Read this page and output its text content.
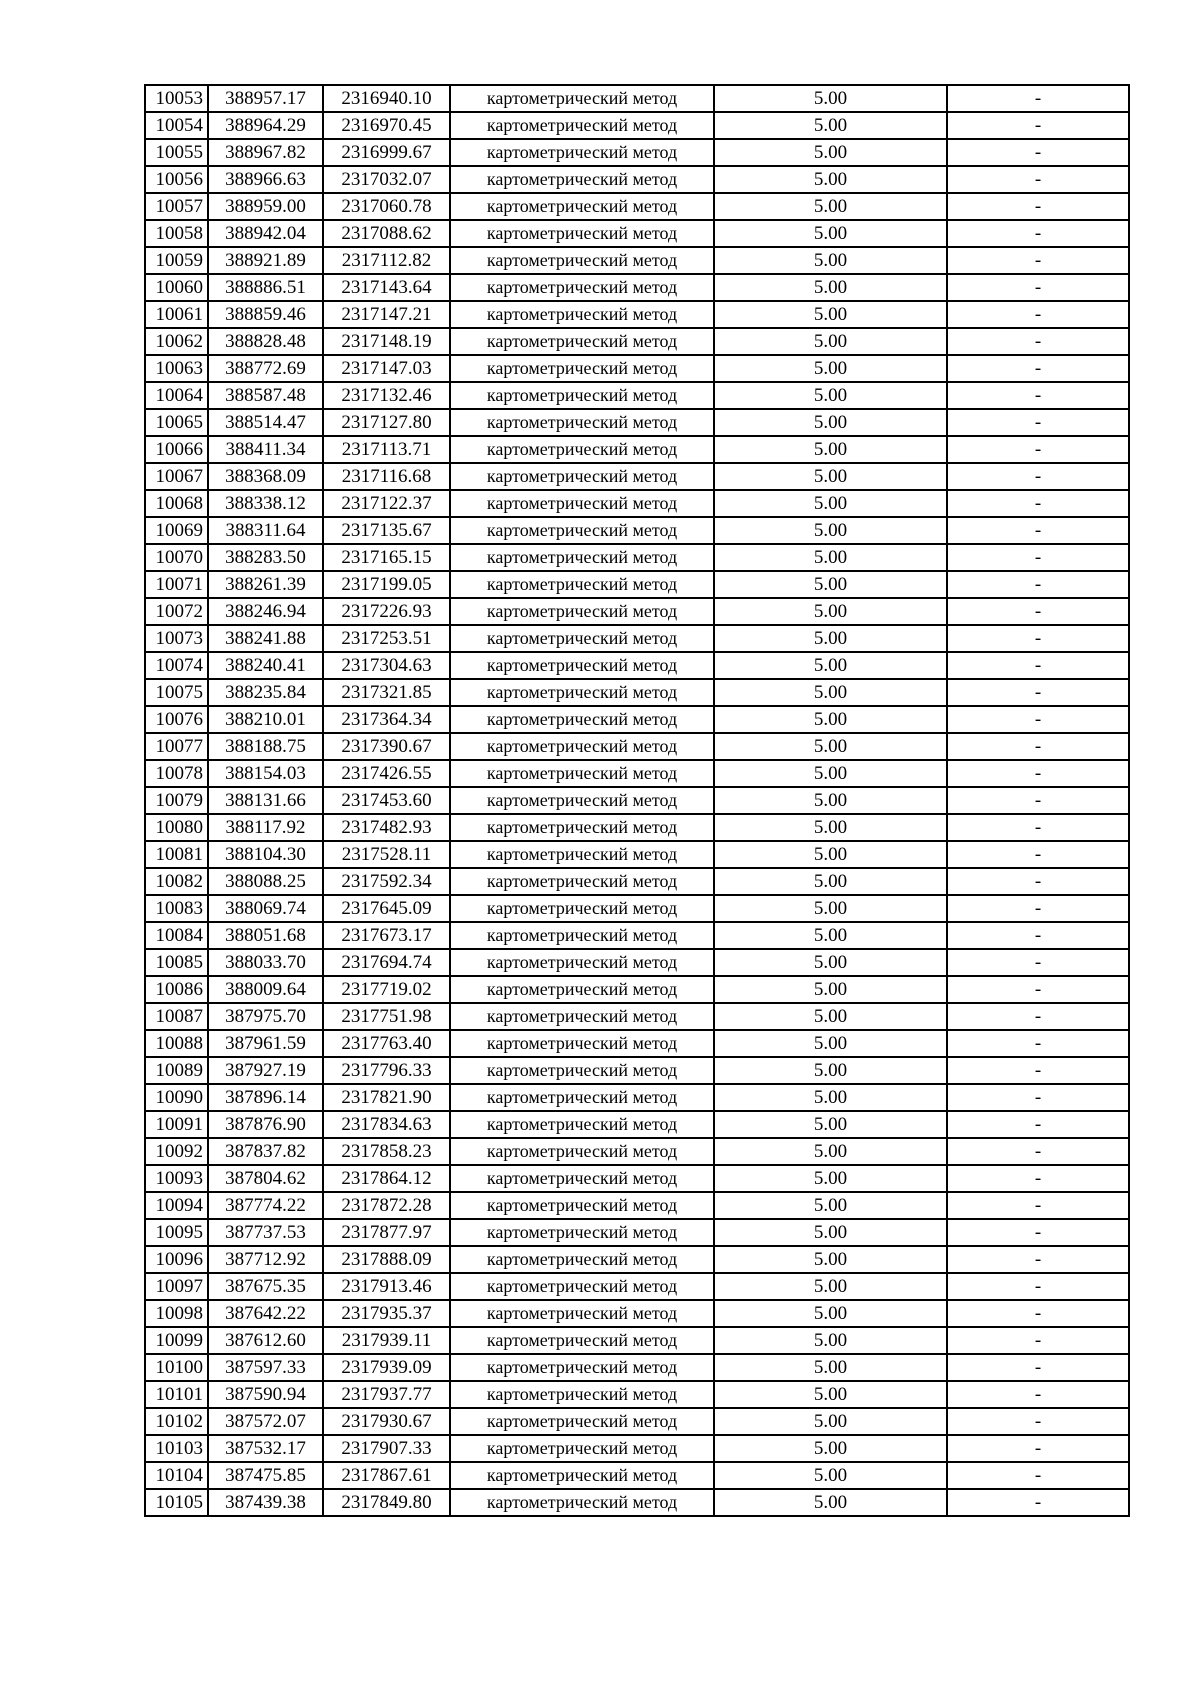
10053	388957.17	2316940.10	картометрический метод	5.00	-
10054	388964.29	2316970.45	картометрический метод	5.00	-
10055	388967.82	2316999.67	картометрический метод	5.00	-
10056	388966.63	2317032.07	картометрический метод	5.00	-
10057	388959.00	2317060.78	картометрический метод	5.00	-
10058	388942.04	2317088.62	картометрический метод	5.00	-
10059	388921.89	2317112.82	картометрический метод	5.00	-
10060	388886.51	2317143.64	картометрический метод	5.00	-
10061	388859.46	2317147.21	картометрический метод	5.00	-
10062	388828.48	2317148.19	картометрический метод	5.00	-
10063	388772.69	2317147.03	картометрический метод	5.00	-
10064	388587.48	2317132.46	картометрический метод	5.00	-
10065	388514.47	2317127.80	картометрический метод	5.00	-
10066	388411.34	2317113.71	картометрический метод	5.00	-
10067	388368.09	2317116.68	картометрический метод	5.00	-
10068	388338.12	2317122.37	картометрический метод	5.00	-
10069	388311.64	2317135.67	картометрический метод	5.00	-
10070	388283.50	2317165.15	картометрический метод	5.00	-
10071	388261.39	2317199.05	картометрический метод	5.00	-
10072	388246.94	2317226.93	картометрический метод	5.00	-
10073	388241.88	2317253.51	картометрический метод	5.00	-
10074	388240.41	2317304.63	картометрический метод	5.00	-
10075	388235.84	2317321.85	картометрический метод	5.00	-
10076	388210.01	2317364.34	картометрический метод	5.00	-
10077	388188.75	2317390.67	картометрический метод	5.00	-
10078	388154.03	2317426.55	картометрический метод	5.00	-
10079	388131.66	2317453.60	картометрический метод	5.00	-
10080	388117.92	2317482.93	картометрический метод	5.00	-
10081	388104.30	2317528.11	картометрический метод	5.00	-
10082	388088.25	2317592.34	картометрический метод	5.00	-
10083	388069.74	2317645.09	картометрический метод	5.00	-
10084	388051.68	2317673.17	картометрический метод	5.00	-
10085	388033.70	2317694.74	картометрический метод	5.00	-
10086	388009.64	2317719.02	картометрический метод	5.00	-
10087	387975.70	2317751.98	картометрический метод	5.00	-
10088	387961.59	2317763.40	картометрический метод	5.00	-
10089	387927.19	2317796.33	картометрический метод	5.00	-
10090	387896.14	2317821.90	картометрический метод	5.00	-
10091	387876.90	2317834.63	картометрический метод	5.00	-
10092	387837.82	2317858.23	картометрический метод	5.00	-
10093	387804.62	2317864.12	картометрический метод	5.00	-
10094	387774.22	2317872.28	картометрический метод	5.00	-
10095	387737.53	2317877.97	картометрический метод	5.00	-
10096	387712.92	2317888.09	картометрический метод	5.00	-
10097	387675.35	2317913.46	картометрический метод	5.00	-
10098	387642.22	2317935.37	картометрический метод	5.00	-
10099	387612.60	2317939.11	картометрический метод	5.00	-
10100	387597.33	2317939.09	картометрический метод	5.00	-
10101	387590.94	2317937.77	картометрический метод	5.00	-
10102	387572.07	2317930.67	картометрический метод	5.00	-
10103	387532.17	2317907.33	картометрический метод	5.00	-
10104	387475.85	2317867.61	картометрический метод	5.00	-
10105	387439.38	2317849.80	картометрический метод	5.00	-
